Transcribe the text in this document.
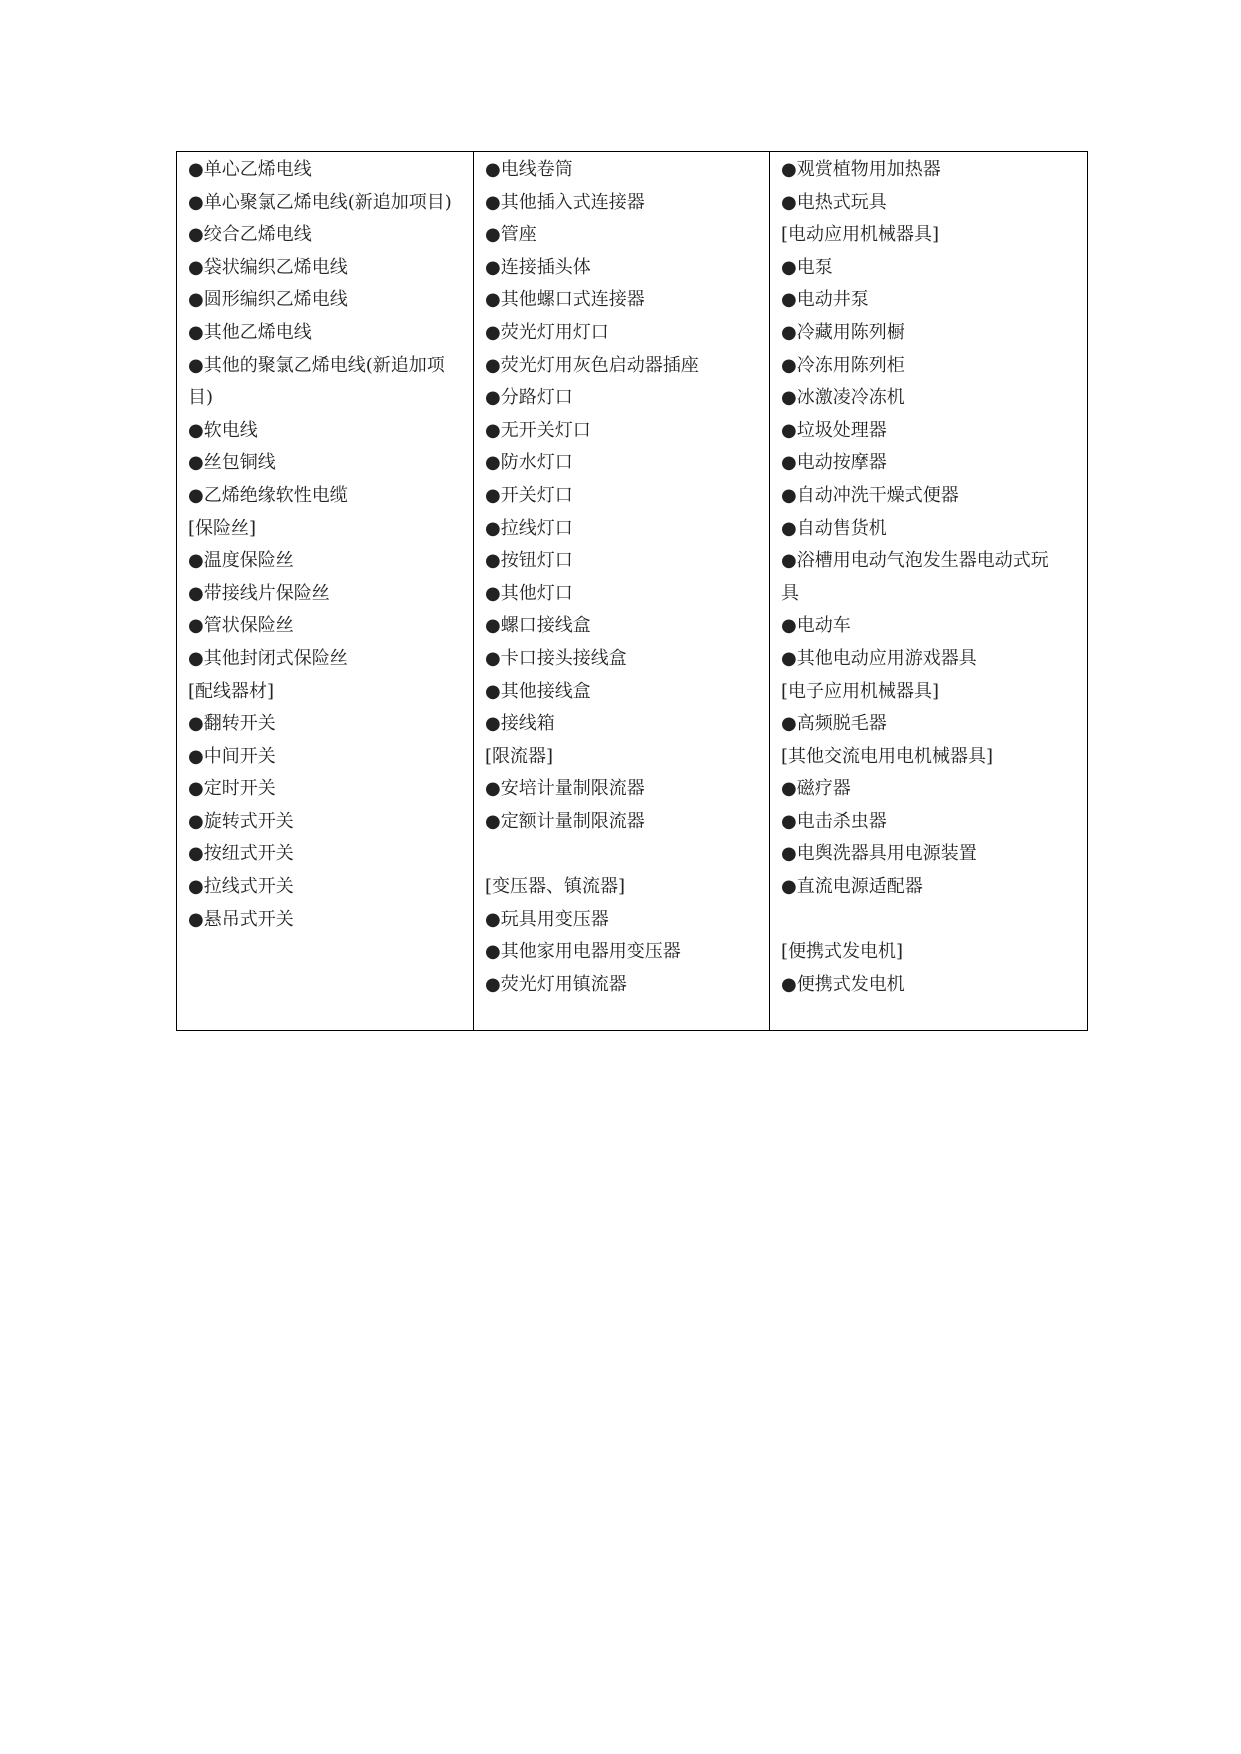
●单心乙烯电线
●单心聚氯乙烯电线(新追加项目)
●绞合乙烯电线
●袋状编织乙烯电线
●圆形编织乙烯电线
●其他乙烯电线
●其他的聚氯乙烯电线(新追加项
目)
●软电线
●丝包铜线
●乙烯绝缘软性电缆
[保险丝]
●温度保险丝
●带接线片保险丝
●管状保险丝
●其他封闭式保险丝
[配线器材]
●翻转开关
●中间开关
●定时开关
●旋转式开关
●按纽式开关
●拉线式开关
●悬吊式开关
●电线卷筒
●其他插入式连接器
●管座
●连接插头体
●其他螺口式连接器
●荧光灯用灯口
●荧光灯用灰色启动器插座
●分路灯口
●无开关灯口
●防水灯口
●开关灯口
●拉线灯口
●按钮灯口
●其他灯口
●螺口接线盒
●卡口接头接线盒
●其他接线盒
●接线箱
[限流器]
●安培计量制限流器
●定额计量制限流器
[变压器、镇流器]
●玩具用变压器
●其他家用电器用变压器
●荧光灯用镇流器
●观赏植物用加热器
●电热式玩具
[电动应用机械器具]
●电泵
●电动井泵
●冷藏用陈列橱
●冷冻用陈列柜
●冰激凌冷冻机
●垃圾处理器
●电动按摩器
●自动冲洗干燥式便器
●自动售货机
●浴槽用电动气泡发生器电动式玩
具
●电动车
●其他电动应用游戏器具
[电子应用机械器具]
●高频脱毛器
[其他交流电用电机械器具]
●磁疗器
●电击杀虫器
●电舆洗器具用电源装置
●直流电源适配器
[便携式发电机]
●便携式发电机
